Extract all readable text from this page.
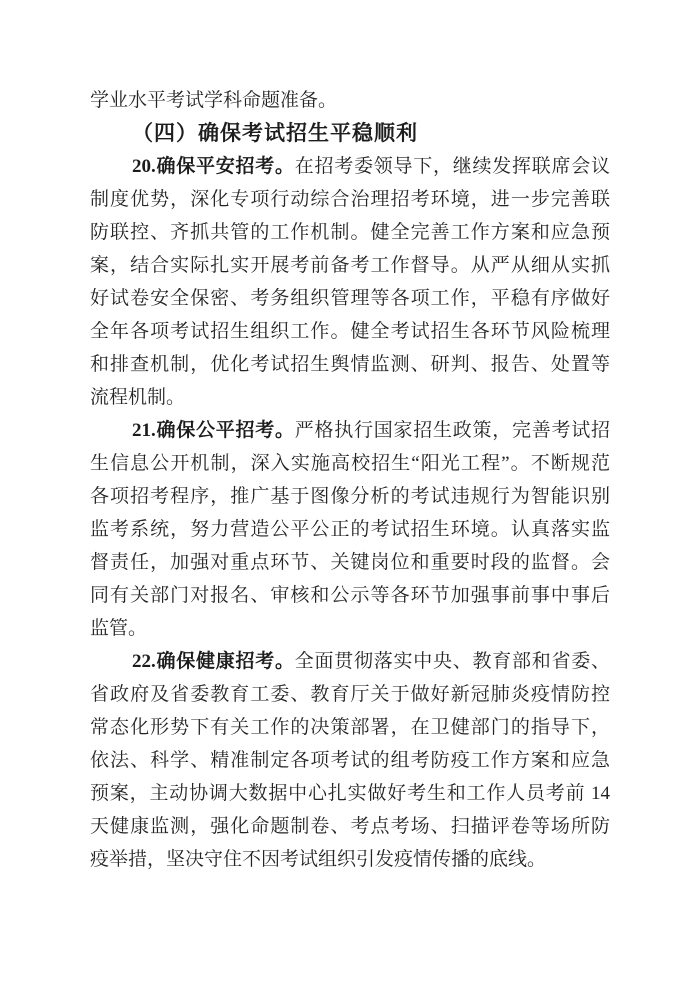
学业水平考试学科命题准备。
（四）确保考试招生平稳顺利
20.确保平安招考。在招考委领导下，继续发挥联席会议
制度优势，深化专项行动综合治理招考环境，进一步完善联
防联控、齐抓共管的工作机制。健全完善工作方案和应急预
案，结合实际扎实开展考前备考工作督导。从严从细从实抓
好试卷安全保密、考务组织管理等各项工作，平稳有序做好
全年各项考试招生组织工作。健全考试招生各环节风险梳理
和排查机制，优化考试招生舆情监测、研判、报告、处置等
流程机制。
21.确保公平招考。严格执行国家招生政策，完善考试招
生信息公开机制，深入实施高校招生“阳光工程”。不断规范
各项招考程序，推广基于图像分析的考试违规行为智能识别
监考系统，努力营造公平公正的考试招生环境。认真落实监
督责任，加强对重点环节、关键岗位和重要时段的监督。会
同有关部门对报名、审核和公示等各环节加强事前事中事后
监管。
22.确保健康招考。全面贯彻落实中央、教育部和省委、
省政府及省委教育工委、教育厅关于做好新冠肺炎疫情防控
常态化形势下有关工作的决策部署，在卫健部门的指导下，
依法、科学、精准制定各项考试的组考防疫工作方案和应急
预案，主动协调大数据中心扎实做好考生和工作人员考前 14
天健康监测，强化命题制卷、考点考场、扫描评卷等场所防
疫举措，坚决守住不因考试组织引发疫情传播的底线。
